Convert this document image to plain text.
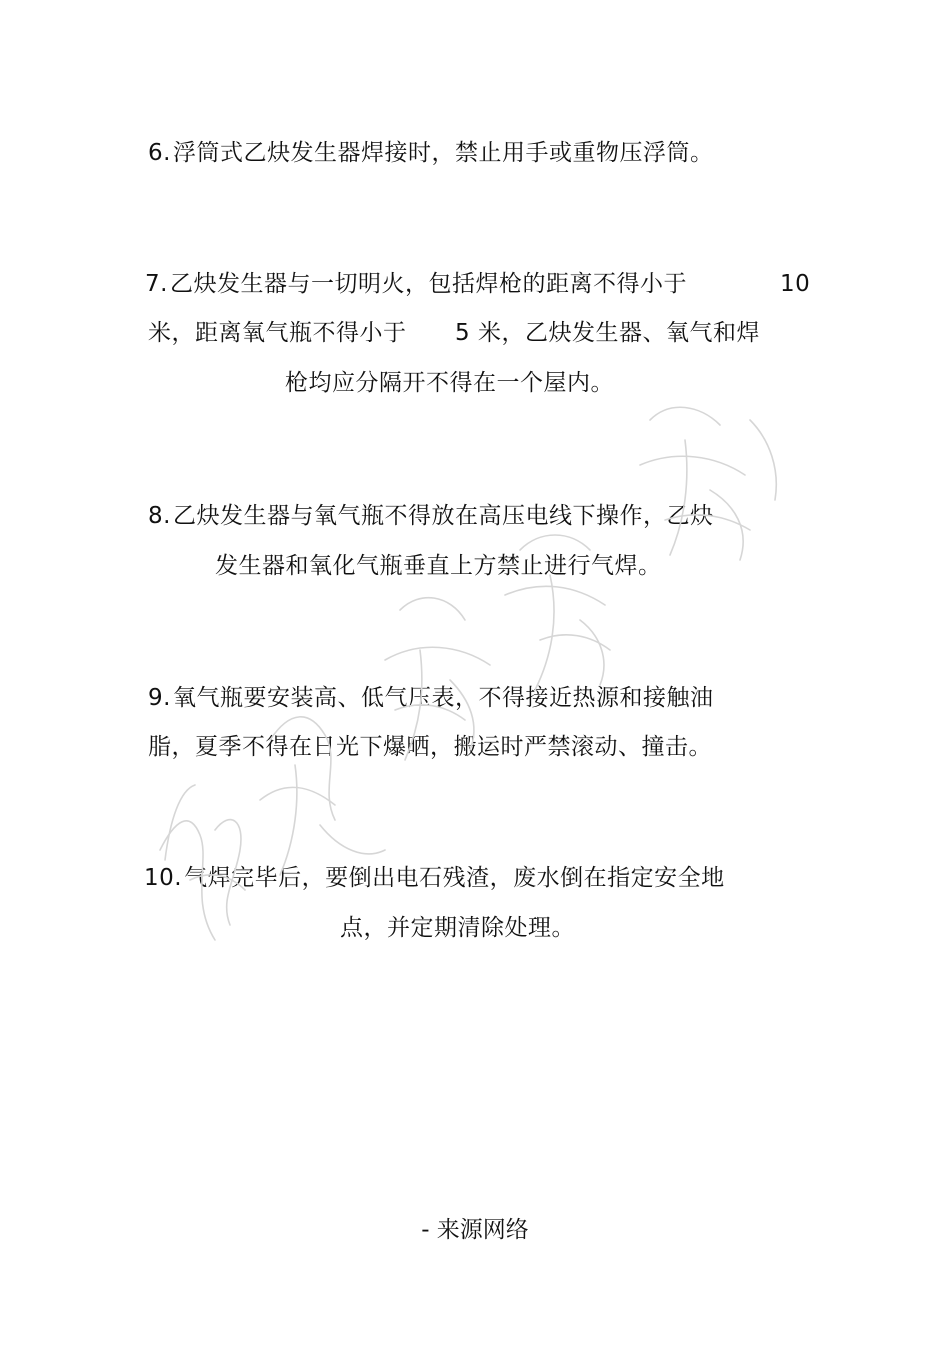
6.浮筒式乙炔发生器焊接时，禁止用手或重物压浮筒。
7.乙炔发生器与一切明火，包括焊枪的距离不得小于	10
米，距离氧气瓶不得小于 5 米，乙炔发生器、氧气和焊
枪均应分隔开不得在一个屋内。
8.乙炔发生器与氧气瓶不得放在高压电线下操作，乙炔
发生器和氧化气瓶垂直上方禁止进行气焊。
9.氧气瓶要安装高、低气压表，不得接近热源和接触油
脂，夏季不得在日光下爆晒，搬运时严禁滚动、撞击。
10.气焊完毕后，要倒出电石残渣，废水倒在指定安全地
点，并定期清除处理。
- 来源网络
